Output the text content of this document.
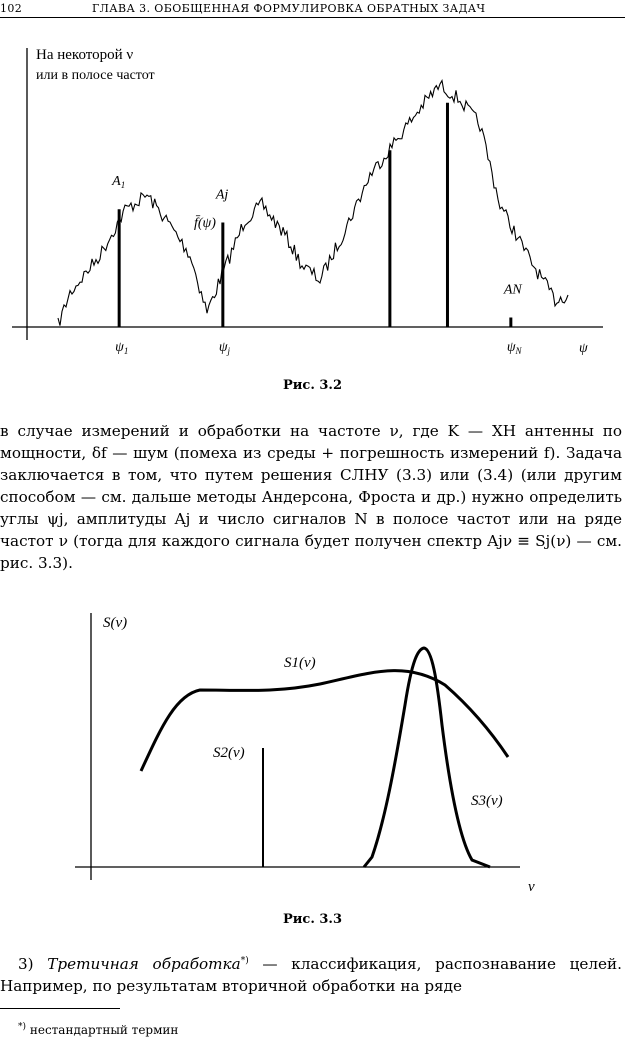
102	ГЛАВА 3. ОБОБЩЕННАЯ ФОРМУЛИРОВКА ОБРАТНЫХ ЗАДАЧ
$A_1$
$\psi_1$
Aj
$\psi_j$
AN
$\psi_N$
На некоторой ν
или в полосе частот
f̄(ψ)
ψ
Рис. 3.2

в случае измерений и обработки на частоте ν, где K — ХН антенны по мощности, δf — шум (помеха из среды + погрешность измерений f). Задача заключается в том, что путем решения СЛНУ (3.3) или (3.4) (или другим способом — см. дальше методы Андерсона, Фроста и др.) нужно определить углы ψj, амплитуды Aj и число сигналов N в полосе частот или на ряде частот ν (тогда для каждого сигнала будет получен спектр Ajν ≡ Sj(ν) — см. рис. 3.3).

S(ν)
S1(ν)
S2(ν)
S3(ν)
ν
Рис. 3.3

3) Третичная обработка*) — классификация, распознавание целей. Например, по результатам вторичной обработки на ряде

*) нестандартный термин
